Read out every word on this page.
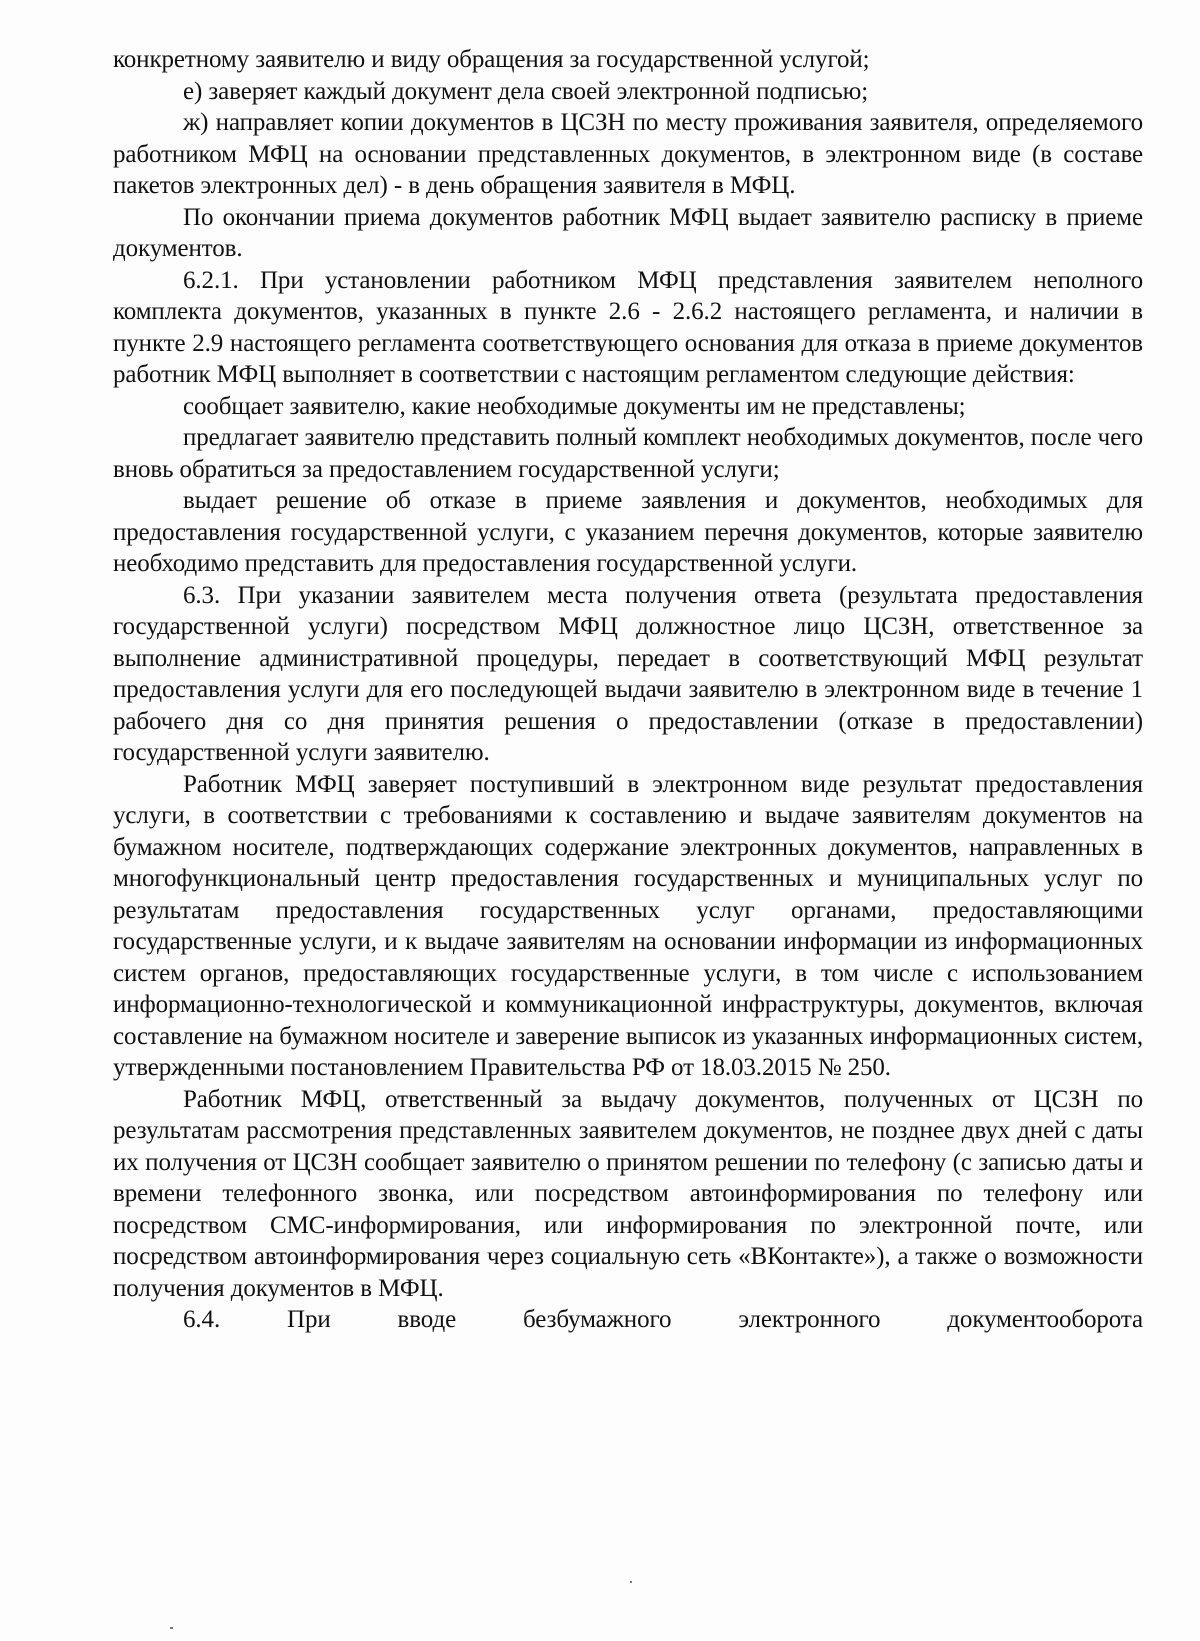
конкретному заявителю и виду обращения за государственной услугой;

е) заверяет каждый документ дела своей электронной подписью;

ж) направляет копии документов в ЦСЗН по месту проживания заявителя, определяемого работником МФЦ на основании представленных документов, в электронном виде (в составе пакетов электронных дел) - в день обращения заявителя в МФЦ.

По окончании приема документов работник МФЦ выдает заявителю расписку в приеме документов.

6.2.1. При установлении работником МФЦ представления заявителем неполного комплекта документов, указанных в пункте 2.6 - 2.6.2 настоящего регламента, и наличии в пункте 2.9 настоящего регламента соответствующего основания для отказа в приеме документов работник МФЦ выполняет в соответствии с настоящим регламентом следующие действия:

сообщает заявителю, какие необходимые документы им не представлены;

предлагает заявителю представить полный комплект необходимых документов, после чего вновь обратиться за предоставлением государственной услуги;

выдает решение об отказе в приеме заявления и документов, необходимых для предоставления государственной услуги, с указанием перечня документов, которые заявителю необходимо представить для предоставления государственной услуги.

6.3. При указании заявителем места получения ответа (результата предоставления государственной услуги) посредством МФЦ должностное лицо ЦСЗН, ответственное за выполнение административной процедуры, передает в соответствующий МФЦ результат предоставления услуги для его последующей выдачи заявителю в электронном виде в течение 1 рабочего дня со дня принятия решения о предоставлении (отказе в предоставлении) государственной услуги заявителю.

Работник МФЦ заверяет поступивший в электронном виде результат предоставления услуги, в соответствии с требованиями к составлению и выдаче заявителям документов на бумажном носителе, подтверждающих содержание электронных документов, направленных в многофункциональный центр предоставления государственных и муниципальных услуг по результатам предоставления государственных услуг органами, предоставляющими государственные услуги, и к выдаче заявителям на основании информации из информационных систем органов, предоставляющих государственные услуги, в том числе с использованием информационно-технологической и коммуникационной инфраструктуры, документов, включая составление на бумажном носителе и заверение выписок из указанных информационных систем, утвержденными постановлением Правительства РФ от 18.03.2015 № 250.

Работник МФЦ, ответственный за выдачу документов, полученных от ЦСЗН по результатам рассмотрения представленных заявителем документов, не позднее двух дней с даты их получения от ЦСЗН сообщает заявителю о принятом решении по телефону (с записью даты и времени телефонного звонка, или посредством автоинформирования по телефону или посредством СМС-информирования, или информирования по электронной почте, или посредством автоинформирования через социальную сеть «ВКонтакте»), а также о возможности получения документов в МФЦ.

6.4. При вводе безбумажного электронного документооборота
